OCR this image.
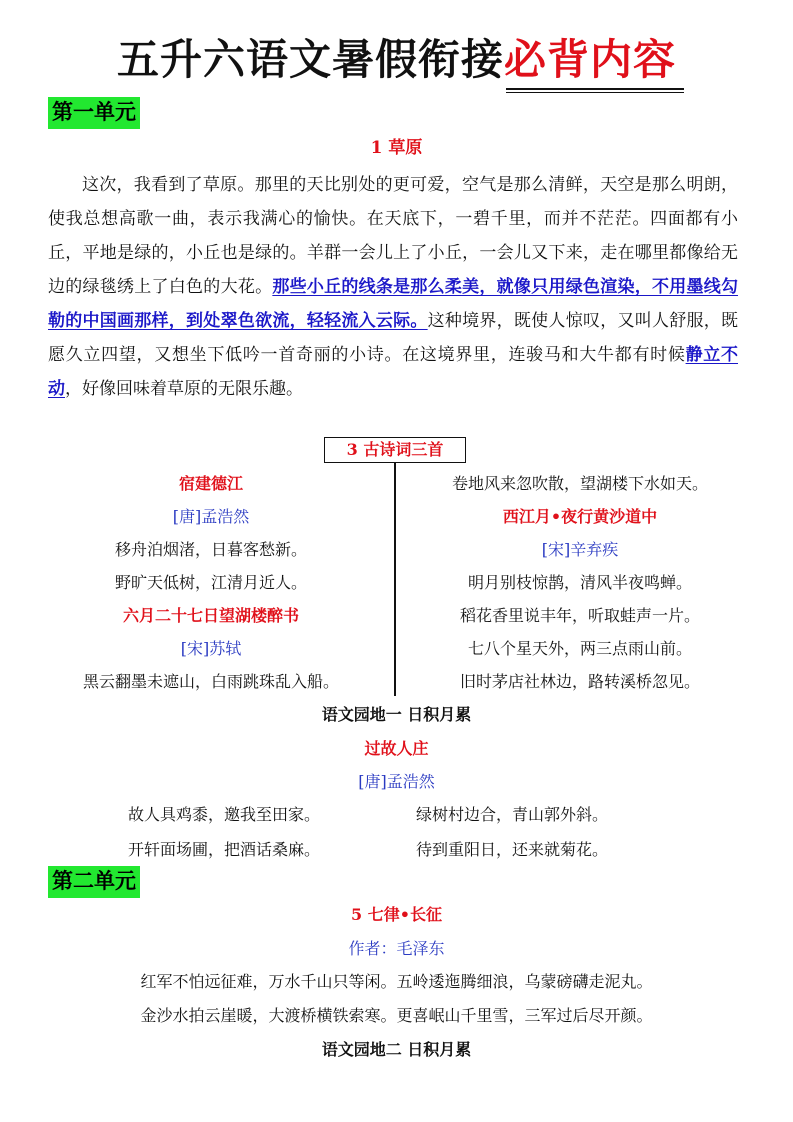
五升六语文暑假衔接必背内容
第一单元
1 草原
这次，我看到了草原。那里的天比别处的更可爱，空气是那么清鲜，天空是那么明朗，使我总想高歌一曲，表示我满心的愉快。在天底下，一碧千里，而并不茫茫。四面都有小丘，平地是绿的，小丘也是绿的。羊群一会儿上了小丘，一会儿又下来，走在哪里都像给无边的绿毯绣上了白色的大花。那些小丘的线条是那么柔美，就像只用绿色渲染，不用墨线勾勒的中国画那样，到处翠色欲流，轻轻流入云际。这种境界，既使人惊叹，又叫人舒服，既愿久立四望，又想坐下低吟一首奇丽的小诗。在这境界里，连骏马和大牛都有时候静立不动，好像回味着草原的无限乐趣。
3 古诗词三首
宿建德江
[唐]孟浩然
移舟泊烟渚，日暮客愁新。
野旷天低树，江清月近人。
六月二十七日望湖楼醉书
[宋]苏轼
黑云翻墨未遮山，白雨跳珠乱入船。
卷地风来忽吹散，望湖楼下水如天。
西江月•夜行黄沙道中
[宋]辛弃疾
明月别枝惊鹊，清风半夜鸣蝉。
稻花香里说丰年，听取蛙声一片。
七八个星天外，两三点雨山前。
旧时茅店社林边，路转溪桥忽见。
语文园地一 日积月累
过故人庄
[唐]孟浩然
故人具鸡黍，邀我至田家。	绿树村边合，青山郭外斜。
开轩面场圃，把酒话桑麻。	待到重阳日，还来就菊花。
第二单元
5 七律•长征
作者：毛泽东
红军不怕远征难，万水千山只等闲。五岭逶迤腾细浪，乌蒙磅礴走泥丸。
金沙水拍云崖暖，大渡桥横铁索寒。更喜岷山千里雪，三军过后尽开颜。
语文园地二 日积月累
